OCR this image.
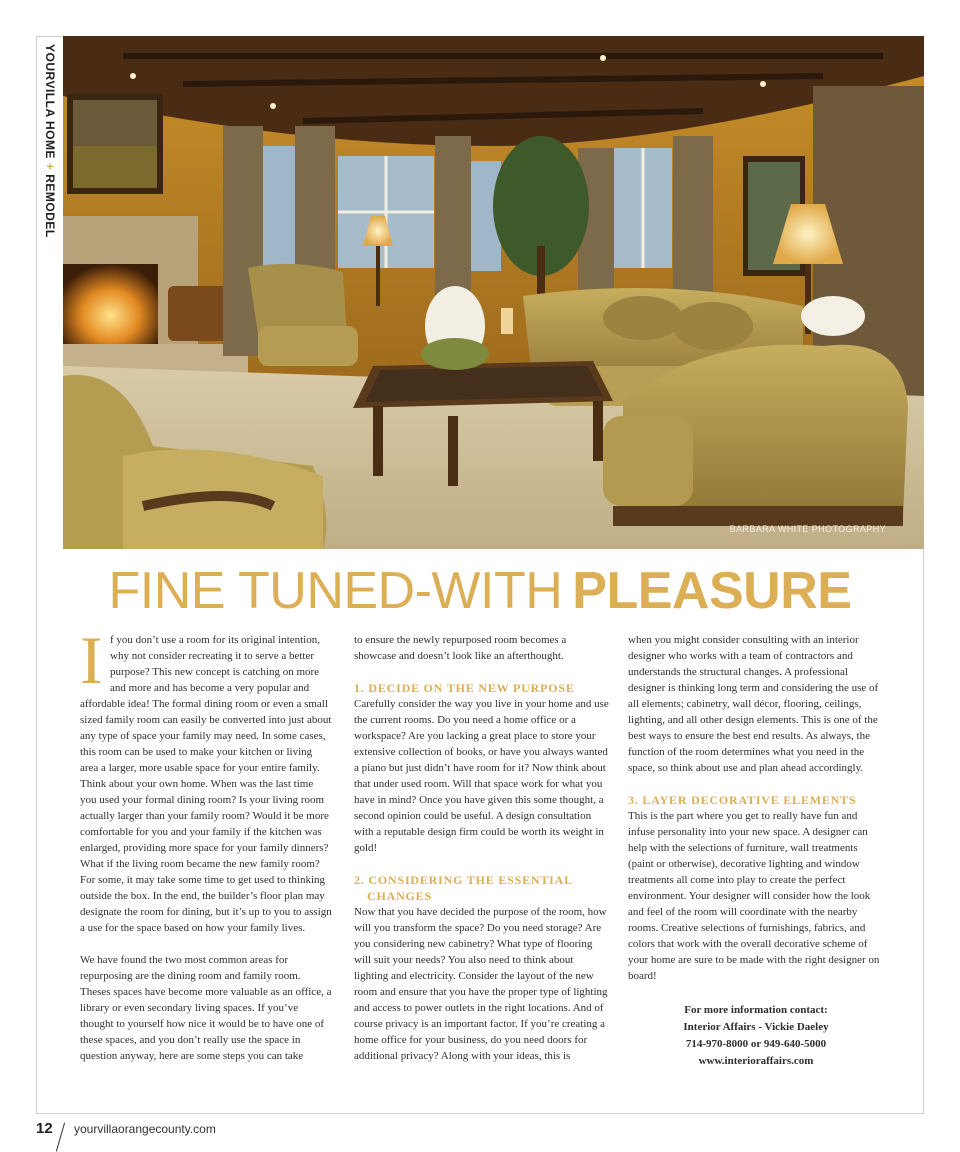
YOURVILLA HOME + REMODEL
BARBARA WHITE PHOTOGRAPHY
FINE TUNED-WITH PLEASURE
I f you don’t use a room for its original intention, why not consider recreating it to serve a better purpose? This new concept is catching on more and more and has become a very popular and affordable idea! The formal dining room or even a small sized family room can easily be converted into just about any type of space your family may need. In some cases, this room can be used to make your kitchen or living area a larger, more usable space for your entire family. Think about your own home. When was the last time you used your formal dining room? Is your living room actually larger than your family room? Would it be more comfortable for you and your family if the kitchen was enlarged, providing more space for your family dinners? What if the living room became the new family room? For some, it may take some time to get used to thinking outside the box. In the end, the builder’s floor plan may designate the room for dining, but it’s up to you to assign a use for the space based on how your family lives.

We have found the two most common areas for repurposing are the dining room and family room. Theses spaces have become more valuable as an office, a library or even secondary living spaces. If you’ve thought to yourself how nice it would be to have one of these spaces, and you don’t really use the space in question anyway, here are some steps you can take

to ensure the newly repurposed room becomes a showcase and doesn’t look like an afterthought.

1. DECIDE ON THE NEW PURPOSE

Carefully consider the way you live in your home and use the current rooms. Do you need a home office or a workspace? Are you lacking a great place to store your extensive collection of books, or have you always wanted a piano but just didn’t have room for it? Now think about that under used room. Will that space work for what you have in mind? Once you have given this some thought, a second opinion could be useful. A design consultation with a reputable design firm could be worth its weight in gold!

2. CONSIDERING THE ESSENTIAL
CHANGES

Now that you have decided the purpose of the room, how will you transform the space? Do you need storage? Are you considering new cabinetry? What type of flooring will suit your needs? You also need to think about lighting and electricity. Consider the layout of the new room and ensure that you have the proper type of lighting and access to power outlets in the right locations. And of course privacy is an important factor. If you’re creating a home office for your business, do you need doors for additional privacy? Along with your ideas, this is

when you might consider consulting with an interior designer who works with a team of contractors and understands the structural changes. A professional designer is thinking long term and considering the use of all elements; cabinetry, wall décor, flooring, ceilings, lighting, and all other design elements. This is one of the best ways to ensure the best end results. As always, the function of the room determines what you need in the space, so think about use and plan ahead accordingly.

3. LAYER DECORATIVE ELEMENTS

This is the part where you get to really have fun and infuse personality into your new space. A designer can help with the selections of furniture, wall treatments (paint or otherwise), decorative lighting and window treatments all come into play to create the perfect environment. Your designer will consider how the look and feel of the room will coordinate with the nearby rooms. Creative selections of furnishings, fabrics, and colors that work with the overall decorative scheme of your home are sure to be made with the right designer on board!

For more information contact:
Interior Affairs - Vickie Daeley
714-970-8000 or 949-640-5000
www.interioraffairs.com
12 yourvillaorangecounty.com
